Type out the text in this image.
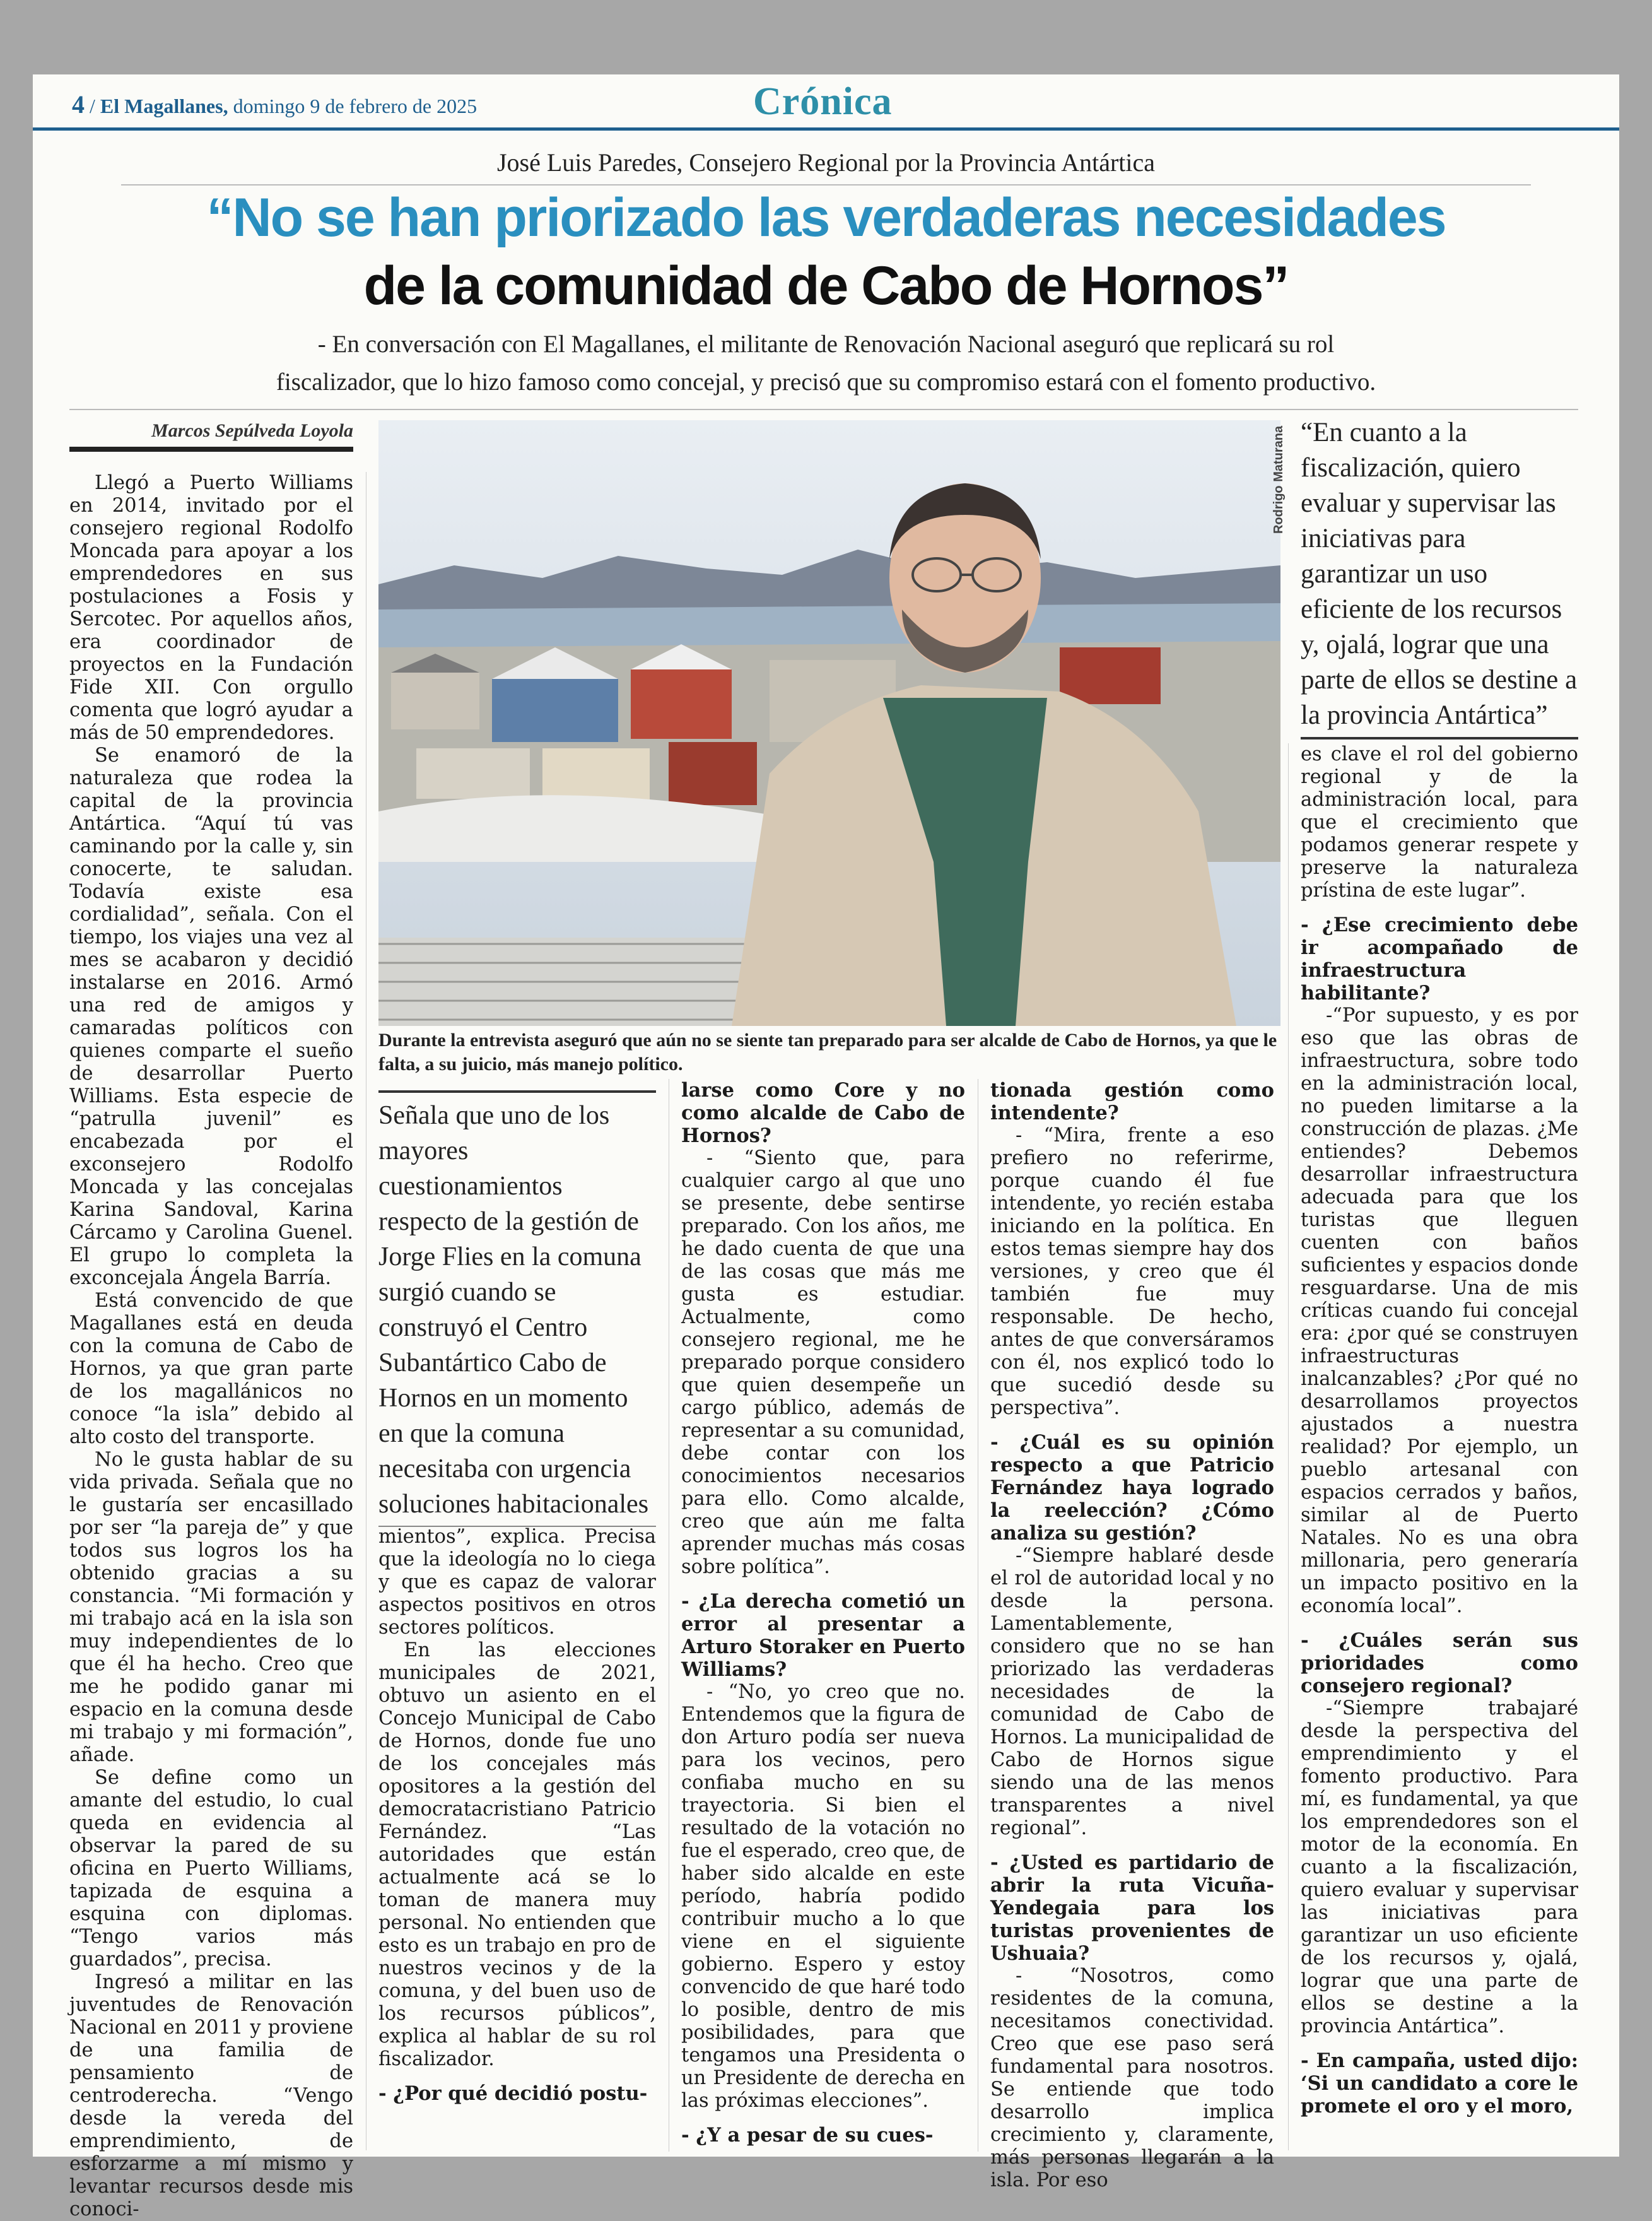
4 / El Magallanes, domingo 9 de febrero de 2025	Crónica
José Luis Paredes, Consejero Regional por la Provincia Antártica
“No se han priorizado las verdaderas necesidades
de la comunidad de Cabo de Hornos”
- En conversación con El Magallanes, el militante de Renovación Nacional aseguró que replicará su rol
fiscalizador, que lo hizo famoso como concejal, y precisó que su compromiso estará con el fomento productivo.
Marcos Sepúlveda Loyola	Rodrigo Maturana
Durante la entrevista aseguró que aún no se siente tan preparado para ser alcalde de Cabo de Hornos, ya que le falta, a su juicio, más manejo político.
“En cuanto a la fiscalización, quiero evaluar y supervisar las iniciativas para garantizar un uso eficiente de los recursos y, ojalá, lograr que una parte de ellos se destine a la provincia Antártica”
Señala que uno de los mayores cuestionamientos respecto de la gestión de Jorge Flies en la comuna surgió cuando se construyó el Centro Subantártico Cabo de Hornos en un momento en que la comuna necesitaba con urgencia soluciones habitacionales

Llegó a Puerto Williams en 2014, invitado por el consejero regional Rodolfo Moncada para apoyar a los emprendedores en sus postulaciones a Fosis y Sercotec. Por aquellos años, era coordinador de proyectos en la Fundación Fide XII. Con orgullo comenta que logró ayudar a más de 50 emprendedores.

Se enamoró de la naturaleza que rodea la capital de la provincia Antártica. “Aquí tú vas caminando por la calle y, sin conocerte, te saludan. Todavía existe esa cordialidad”, señala. Con el tiempo, los viajes una vez al mes se acabaron y decidió instalarse en 2016. Armó una red de amigos y camaradas políticos con quienes comparte el sueño de desarrollar Puerto Williams. Esta especie de “patrulla juvenil” es encabezada por el exconsejero Rodolfo Moncada y las concejalas Karina Sandoval, Karina Cárcamo y Carolina Guenel. El grupo lo completa la exconcejala Ángela Barría.

Está convencido de que Magallanes está en deuda con la comuna de Cabo de Hornos, ya que gran parte de los magallánicos no conoce “la isla” debido al alto costo del transporte.

No le gusta hablar de su vida privada. Señala que no le gustaría ser encasillado por ser “la pareja de” y que todos sus logros los ha obtenido gracias a su constancia. “Mi formación y mi trabajo acá en la isla son muy independientes de lo que él ha hecho. Creo que me he podido ganar mi espacio en la comuna desde mi trabajo y mi formación”, añade.

Se define como un amante del estudio, lo cual queda en evidencia al observar la pared de su oficina en Puerto Williams, tapizada de esquina a esquina con diplomas. “Tengo varios más guardados”, precisa.

Ingresó a militar en las juventudes de Renovación Nacional en 2011 y proviene de una familia de pensamiento de centroderecha. “Vengo desde la vereda del emprendimiento, de esforzarme a mí mismo y levantar recursos desde mis conoci-

mientos”, explica. Precisa que la ideología no lo ciega y que es capaz de valorar aspectos positivos en otros sectores políticos.

En las elecciones municipales de 2021, obtuvo un asiento en el Concejo Municipal de Cabo de Hornos, donde fue uno de los concejales más opositores a la gestión del democratacristiano Patricio Fernández. “Las autoridades que están actualmente acá se lo toman de manera muy personal. No entienden que esto es un trabajo en pro de nuestros vecinos y de la comuna, y del buen uso de los recursos públicos”, explica al hablar de su rol fiscalizador.

- ¿Por qué decidió postu-

larse como Core y no como alcalde de Cabo de Hornos?

- “Siento que, para cualquier cargo al que uno se presente, debe sentirse preparado. Con los años, me he dado cuenta de que una de las cosas que más me gusta es estudiar. Actualmente, como consejero regional, me he preparado porque considero que quien desempeñe un cargo público, además de representar a su comunidad, debe contar con los conocimientos necesarios para ello. Como alcalde, creo que aún me falta aprender muchas más cosas sobre política”.

- ¿La derecha cometió un error al presentar a Arturo Storaker en Puerto Williams?

- “No, yo creo que no. Entendemos que la figura de don Arturo podía ser nueva para los vecinos, pero confiaba mucho en su trayectoria. Si bien el resultado de la votación no fue el esperado, creo que, de haber sido alcalde en este período, habría podido contribuir mucho a lo que viene en el siguiente gobierno. Espero y estoy convencido de que haré todo lo posible, dentro de mis posibilidades, para que tengamos una Presidenta o un Presidente de derecha en las próximas elecciones”.

- ¿Y a pesar de su cues-

tionada gestión como intendente?

- “Mira, frente a eso prefiero no referirme, porque cuando él fue intendente, yo recién estaba iniciando en la política. En estos temas siempre hay dos versiones, y creo que él también fue muy responsable. De hecho, antes de que conversáramos con él, nos explicó todo lo que sucedió desde su perspectiva”.

- ¿Cuál es su opinión respecto a que Patricio Fernández haya logrado la reelección? ¿Cómo analiza su gestión?

-“Siempre hablaré desde el rol de autoridad local y no desde la persona. Lamentablemente, considero que no se han priorizado las verdaderas necesidades de la comunidad de Cabo de Hornos. La municipalidad de Cabo de Hornos sigue siendo una de las menos transparentes a nivel regional”.

- ¿Usted es partidario de abrir la ruta Vicuña-Yendegaia para los turistas provenientes de Ushuaia?

- “Nosotros, como residentes de la comuna, necesitamos conectividad. Creo que ese paso será fundamental para nosotros. Se entiende que todo desarrollo implica crecimiento y, claramente, más personas llegarán a la isla. Por eso

es clave el rol del gobierno regional y de la administración local, para que el crecimiento que podamos generar respete y preserve la naturaleza prístina de este lugar”.

- ¿Ese crecimiento debe ir acompañado de infraestructura habilitante?

-“Por supuesto, y es por eso que las obras de infraestructura, sobre todo en la administración local, no pueden limitarse a la construcción de plazas. ¿Me entiendes? Debemos desarrollar infraestructura adecuada para que los turistas que lleguen cuenten con baños suficientes y espacios donde resguardarse. Una de mis críticas cuando fui concejal era: ¿por qué se construyen infraestructuras inalcanzables? ¿Por qué no desarrollamos proyectos ajustados a nuestra realidad? Por ejemplo, un pueblo artesanal con espacios cerrados y baños, similar al de Puerto Natales. No es una obra millonaria, pero generaría un impacto positivo en la economía local”.

- ¿Cuáles serán sus prioridades como consejero regional?

-“Siempre trabajaré desde la perspectiva del emprendimiento y el fomento productivo. Para mí, es fundamental, ya que los emprendedores son el motor de la economía. En cuanto a la fiscalización, quiero evaluar y supervisar las iniciativas para garantizar un uso eficiente de los recursos y, ojalá, lograr que una parte de ellos se destine a la provincia Antártica”.

- En campaña, usted dijo: ‘Si un candidato a core le promete el oro y el moro,
